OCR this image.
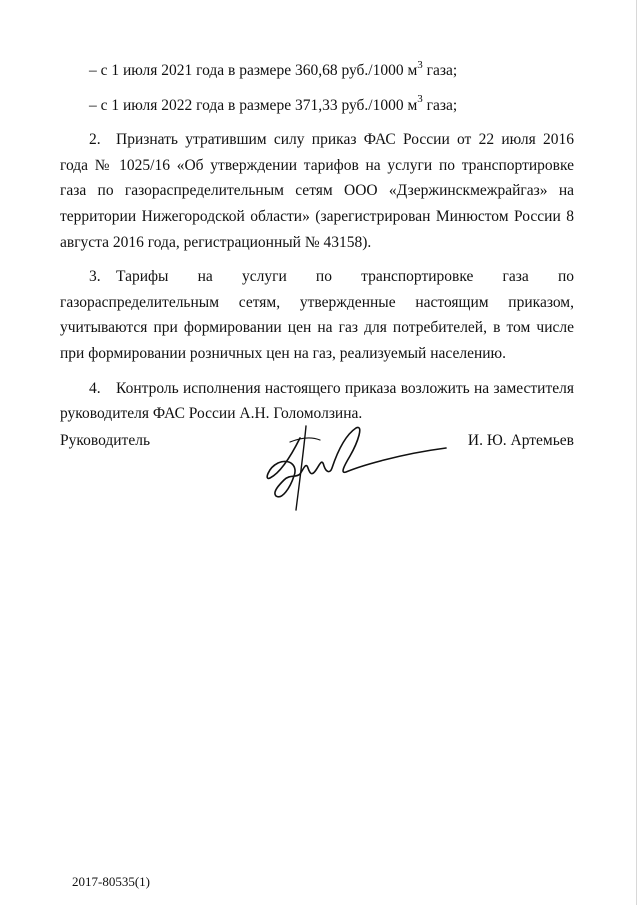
– с 1 июля 2021 года в размере 360,68 руб./1000 $м^3$ газа;

– с 1 июля 2022 года в размере 371,33 руб./1000 $м^3$ газа;

2. Признать утратившим силу приказ ФАС России от 22 июля 2016 года № 1025/16 «Об утверждении тарифов на услуги по транспортировке газа по газораспределительным сетям ООО «Дзержинскмежрайгаз» на территории Нижегородской области» (зарегистрирован Минюстом России 8 августа 2016 года, регистрационный № 43158).

3. Тарифы на услуги по транспортировке газа по газораспределительным сетям, утвержденные настоящим приказом, учитываются при формировании цен на газ для потребителей, в том числе при формировании розничных цен на газ, реализуемый населению.

4. Контроль исполнения настоящего приказа возложить на заместителя руководителя ФАС России А.Н. Голомолзина.

Руководитель	И. Ю. Артемьев
2017-80535(1)
